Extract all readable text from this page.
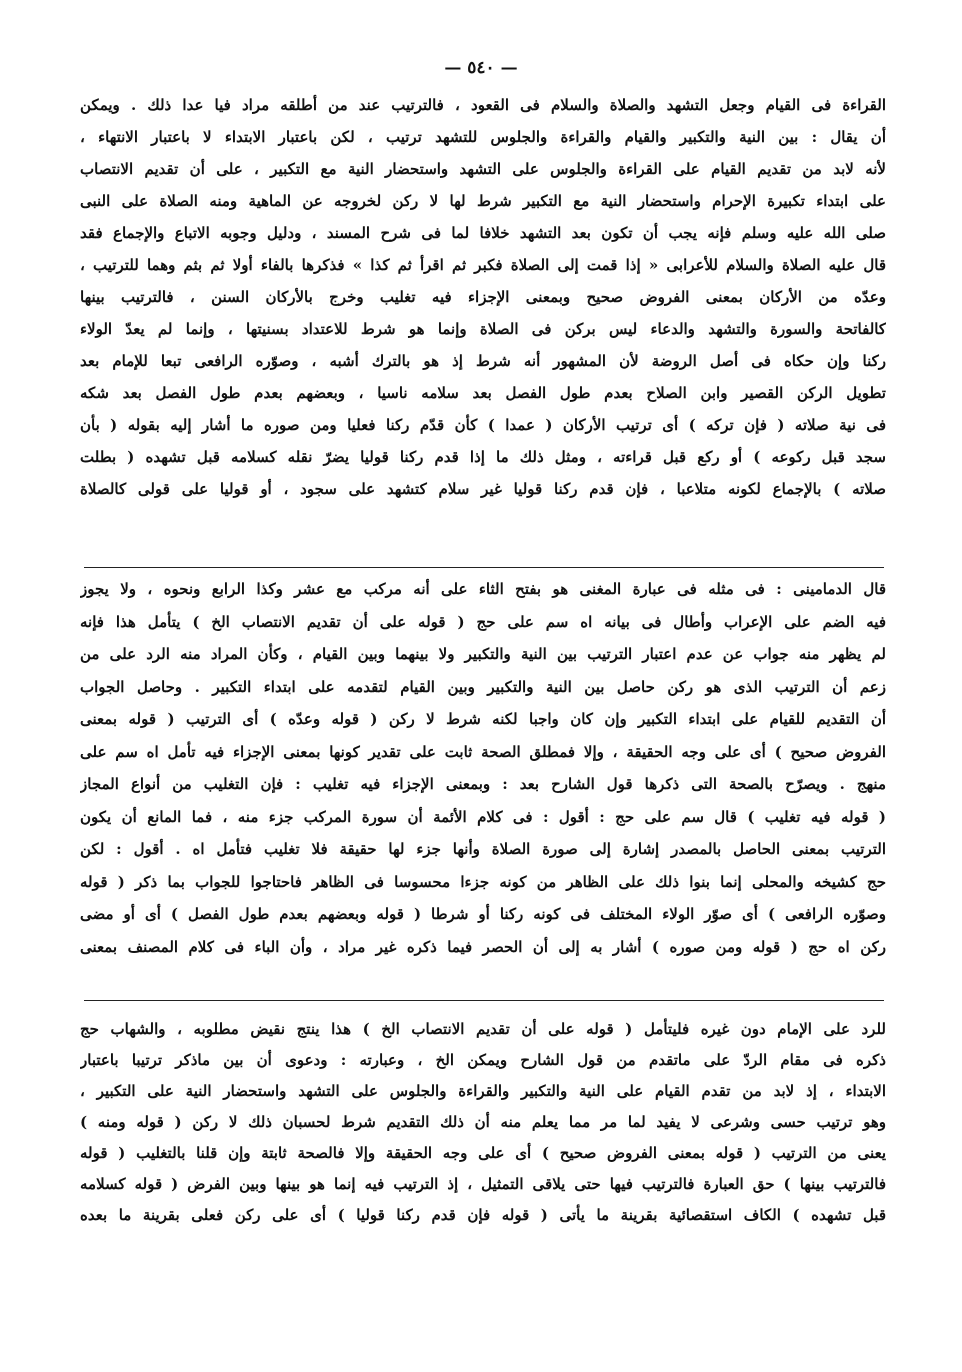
— ٥٤٠ —
القراءة فى القيام وجعل التشهد والصلاة والسلام فى القعود ، فالترتيب عند من أطلقه مراد فيا عدا ذلك . ويمكن
أن يقال : بين النية والتكبير والقيام والقراءة والجلوس للتشهد ترتيب ، لكن باعتبار الابتداء لا باعتبار الانتهاء ،
لأنه لابد من تقديم القيام على القراءة والجلوس على التشهد واستحضار النية مع التكبير ، على أن تقديم الانتصاب
على ابتداء تكبيرة الإحرام واستحضار النية مع التكبير شرط لها لا ركن لخروجه عن الماهية ومنه الصلاة على النبى
صلى الله عليه وسلم فإنه يجب أن تكون بعد التشهد خلافا لما فى شرح المسند ، ودليل وجوبه الاتباع والإجماع فقد
قال عليه الصلاة والسلام للأعرابى « إذا قمت إلى الصلاة فكبر ثم اقرأ ثم كذا » فذكرها بالفاء أولا ثم بثم وهما للترتيب ،
وعدّه من الأركان بمعنى الفروض صحيح وبمعنى الإجزاء فيه تغليب وخرج بالأركان السنن ، فالترتيب بينها
كالفاتحة والسورة والتشهد والدعاء ليس بركن فى الصلاة وإنما هو شرط للاعتداد بسنيتها ، وإنما لم يعدّ الولاء
ركنا وإن حكاه فى أصل الروضة لأن المشهور أنه شرط إذ هو بالترك أشبه ، وصوّره الرافعى تبعا للإمام بعد
تطويل الركن القصير وابن الصلاح بعدم طول الفصل بعد سلامه ناسيا ، وبعضهم بعدم طول الفصل بعد شكه
فى نية صلاته ( فإن تركه ) أى ترتيب الأركان ( عمدا ) كأن قدّم ركنا فعليا ومن صوره ما أشار إليه بقوله ( بأن
سجد قبل ركوعه ) أو ركع قبل قراءته ، ومثل ذلك ما إذا قدم ركنا قوليا يضرّ نقله كسلامه قبل تشهده ( بطلت
صلاته ) بالإجماع لكونه متلاعبا ، فإن قدم ركنا قوليا غير سلام كتشهد على سجود ، أو قوليا على قولى كالصلاة
قال الدمامينى : فى مثله فى عبارة المغنى هو بفتح الثاء على أنه مركب مع عشر وكذا الرابع ونحوه ، ولا يجوز
فيه الضم على الإعراب وأطال فى بيانه اه سم على حج ( قوله على أن تقديم الانتصاب الخ ) يتأمل هذا فإنه
لم يظهر منه جواب عن عدم اعتبار الترتيب بين النية والتكبير ولا بينهما وبين القيام ، وكأن المراد منه الرد على من
زعم أن الترتيب الذى هو ركن حاصل بين النية والتكبير وبين القيام لتقدمه على ابتداء التكبير . وحاصل الجواب
أن التقديم للقيام على ابتداء التكبير وإن كان واجبا لكنه شرط لا ركن ( قوله وعدّه ) أى الترتيب ( قوله بمعنى
الفروض صحيح ) أى على وجه الحقيقة ، وإلا فمطلق الصحة ثابت على تقدير كونها بمعنى الإجزاء فيه تأمل اه سم على
منهج . ويصرّح بالصحة التى ذكرها قول الشارح بعد : وبمعنى الإجزاء فيه تغليب : فإن التغليب من أنواع المجاز
( قوله فيه تغليب ) قال سم على حج : أقول : فى كلام الأئمة أن سورة المركب جزء منه ، فما المانع أن يكون
الترتيب بمعنى الحاصل بالمصدر إشارة إلى صورة الصلاة وأنها جزء لها حقيقة فلا تغليب فتأمل اه . أقول : لكن
حج كشيخه والمحلى إنما بنوا ذلك على الظاهر من كونه جزءا محسوسا فى الظاهر فاحتاجوا للجواب بما ذكر ( قوله
وصوّره الرافعى ) أى صوّر الولاء المختلف فى كونه ركنا أو شرطا ( قوله وبعضهم بعدم طول الفصل ) أى أو مضى
ركن اه حج ( قوله ومن صوره ) أشار به إلى أن الحصر فيما ذكره غير مراد ، وأن الباء فى كلام المصنف بمعنى
للرد على الإمام دون غيره فليتأمل ( قوله على أن تقديم الانتصاب الخ ) هذا ينتج نقيض مطلوبه ، والشهاب حج
ذكره فى مقام الردّ على ماتقدم من قول الشارح ويمكن الخ ، وعبارته : ودعوى أن بين ماذكر ترتيبا باعتبار
الابتداء ، إذ لابد من تقدم القيام على النية والتكبير والقراءة والجلوس على التشهد واستحضار النية على التكبير ،
وهو ترتيب حسى وشرعى لا يفيد لما مر مما يعلم منه أن ذلك التقديم شرط لحسبان ذلك لا ركن ( قوله ومنه )
يعنى من الترتيب ( قوله بمعنى الفروض صحيح ) أى على وجه الحقيقة وإلا فالصحة ثابتة وإن قلنا بالتغليب ( قوله
فالترتيب بينها ) حق العبارة فالترتيب فيها حتى يلاقى التمثيل ، إذ الترتيب فيه إنما هو بينها وبين الفرض ( قوله كسلامه
قبل تشهده ) الكاف استقصائية بقرينة ما يأتى ( قوله فإن قدم ركنا قوليا ) أى على ركن فعلى بقرينة ما بعده
